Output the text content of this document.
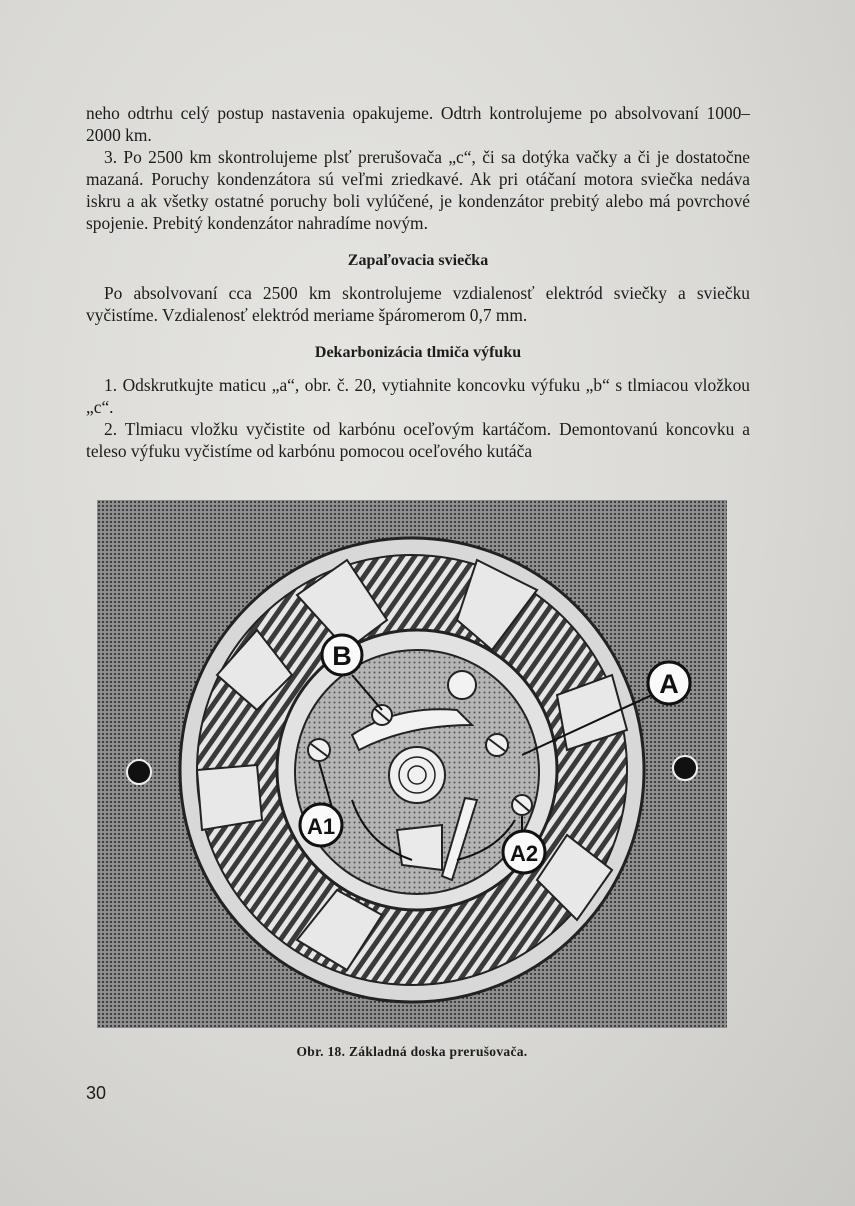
neho odtrhu celý postup nastavenia opakujeme. Odtrh kontrolujeme po absolvovaní 1000–2000 km.

3. Po 2500 km skontrolujeme plsť prerušovača „c“, či sa dotýka vačky a či je dostatočne mazaná. Poruchy kondenzátora sú veľmi zriedkavé. Ak pri otáčaní motora sviečka nedáva iskru a ak všetky ostatné poruchy boli vylúčené, je kondenzátor prebitý alebo má povrchové spojenie. Prebitý kondenzátor nahradíme novým.

Zapaľovacia sviečka

Po absolvovaní cca 2500 km skontrolujeme vzdialenosť elektród sviečky a sviečku vyčistíme. Vzdialenosť elektród meriame špáromerom 0,7 mm.

Dekarbonizácia tlmiča výfuku

1. Odskrutkujte maticu „a“, obr. č. 20, vytiahnite koncovku výfuku „b“ s tlmiacou vložkou „c“.

2. Tlmiacu vložku vyčistite od karbónu oceľovým kartáčom. Demontovanú koncovku a teleso výfuku vyčistíme od karbónu pomocou oceľového kutáča

B
A
A1
A2
Obr. 18. Základná doska prerušovača.
30
